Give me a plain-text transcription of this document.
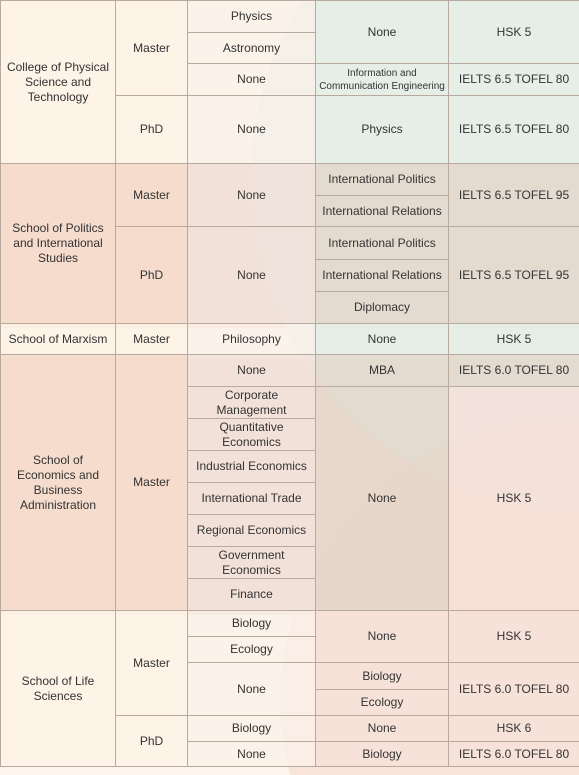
College of Physical Science and Technology	Master	Physics	None	HSK 5
		Astronomy		
		None	Information and Communication Engineering	IELTS 6.5 TOFEL 80
	PhD	None	Physics	IELTS 6.5 TOFEL 80
School of Politics and International Studies	Master	None	International Politics	IELTS 6.5 TOFEL 95
			International Relations	
	PhD	None	International Politics	IELTS 6.5 TOFEL 95
			International Relations	
			Diplomacy	
School of Marxism	Master	Philosophy	None	HSK 5
School of Economics and Business Administration	Master	None	MBA	IELTS 6.0 TOFEL 80
		Corporate Management	None	HSK 5
		Quantitative Economics		
		Industrial Economics		
		International Trade		
		Regional Economics		
		Government Economics		
		Finance		
School of Life Sciences	Master	Biology	None	HSK 5
		Ecology		
		None	Biology	IELTS 6.0 TOFEL 80
			Ecology	
	PhD	Biology	None	HSK 6
		None	Biology	IELTS 6.0 TOFEL 80
